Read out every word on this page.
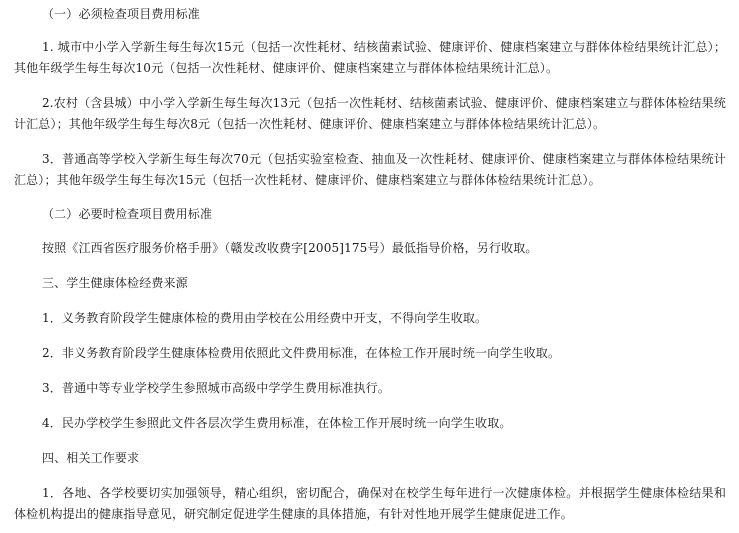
（一）必须检查项目费用标准

1. 城市中小学入学新生每生每次15元（包括一次性耗材、结核菌素试验、健康评价、健康档案建立与群体体检结果统计汇总）；其他年级学生每生每次10元（包括一次性耗材、健康评价、健康档案建立与群体体检结果统计汇总）。

2.农村（含县城）中小学入学新生每生每次13元（包括一次性耗材、结核菌素试验、健康评价、健康档案建立与群体体检结果统计汇总）；其他年级学生每生每次8元（包括一次性耗材、健康评价、健康档案建立与群体体检结果统计汇总）。

3．普通高等学校入学新生每生每次70元（包括实验室检查、抽血及一次性耗材、健康评价、健康档案建立与群体体检结果统计汇总）；其他年级学生每生每次15元（包括一次性耗材、健康评价、健康档案建立与群体体检结果统计汇总）。

（二）必要时检查项目费用标准

按照《江西省医疗服务价格手册》（赣发改收费字[2005]175号）最低指导价格，另行收取。

三、学生健康体检经费来源

1．义务教育阶段学生健康体检的费用由学校在公用经费中开支，不得向学生收取。

2．非义务教育阶段学生健康体检费用依照此文件费用标准，在体检工作开展时统一向学生收取。

3．普通中等专业学校学生参照城市高级中学学生费用标准执行。

4．民办学校学生参照此文件各层次学生费用标准，在体检工作开展时统一向学生收取。

四、相关工作要求

1．各地、各学校要切实加强领导，精心组织，密切配合，确保对在校学生每年进行一次健康体检。并根据学生健康体检结果和体检机构提出的健康指导意见，研究制定促进学生健康的具体措施，有针对性地开展学生健康促进工作。
